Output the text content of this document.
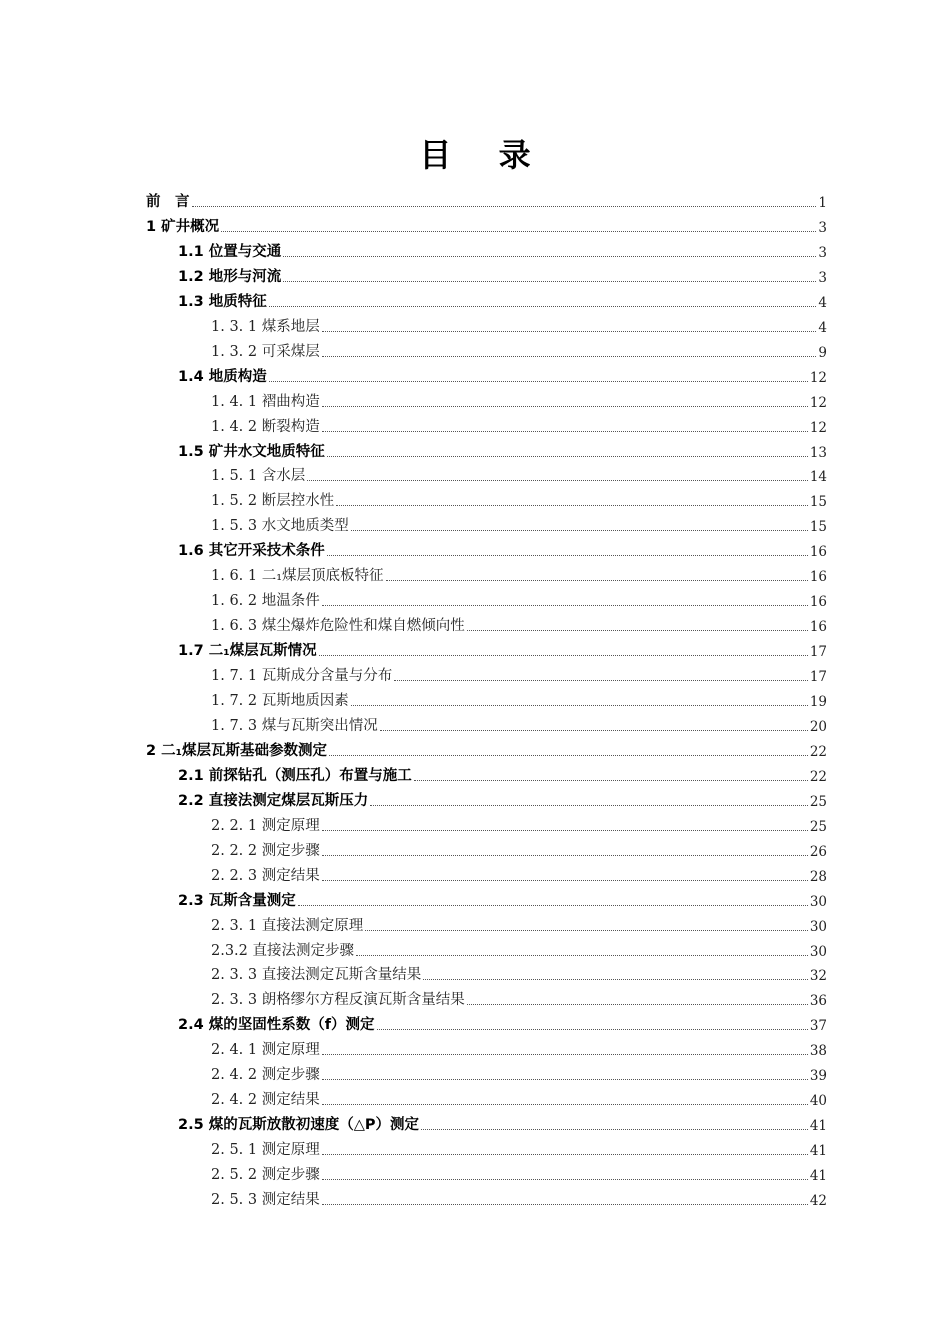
目 录
前　言	1
1 矿井概况	3
1.1 位置与交通	3
1.2 地形与河流	3
1.3 地质特征	4
1. 3. 1 煤系地层	4
1. 3. 2 可采煤层	9
1.4 地质构造	12
1. 4. 1 褶曲构造	12
1. 4. 2 断裂构造	12
1.5 矿井水文地质特征	13
1. 5. 1 含水层	14
1. 5. 2 断层控水性	15
1. 5. 3 水文地质类型	15
1.6 其它开采技术条件	16
1. 6. 1 二₁煤层顶底板特征	16
1. 6. 2 地温条件	16
1. 6. 3 煤尘爆炸危险性和煤自燃倾向性	16
1.7 二₁煤层瓦斯情况	17
1. 7. 1 瓦斯成分含量与分布	17
1. 7. 2 瓦斯地质因素	19
1. 7. 3 煤与瓦斯突出情况	20
2 二₁煤层瓦斯基础参数测定	22
2.1 前探钻孔（测压孔）布置与施工	22
2.2 直接法测定煤层瓦斯压力	25
2. 2. 1 测定原理	25
2. 2. 2 测定步骤	26
2. 2. 3 测定结果	28
2.3 瓦斯含量测定	30
2. 3. 1 直接法测定原理	30
2.3.2 直接法测定步骤	30
2. 3. 3 直接法测定瓦斯含量结果	32
2. 3. 3 朗格缪尔方程反演瓦斯含量结果	36
2.4 煤的坚固性系数（f）测定	37
2. 4. 1 测定原理	38
2. 4. 2 测定步骤	39
2. 4. 2 测定结果	40
2.5 煤的瓦斯放散初速度（△P）测定	41
2. 5. 1 测定原理	41
2. 5. 2 测定步骤	41
2. 5. 3 测定结果	42
